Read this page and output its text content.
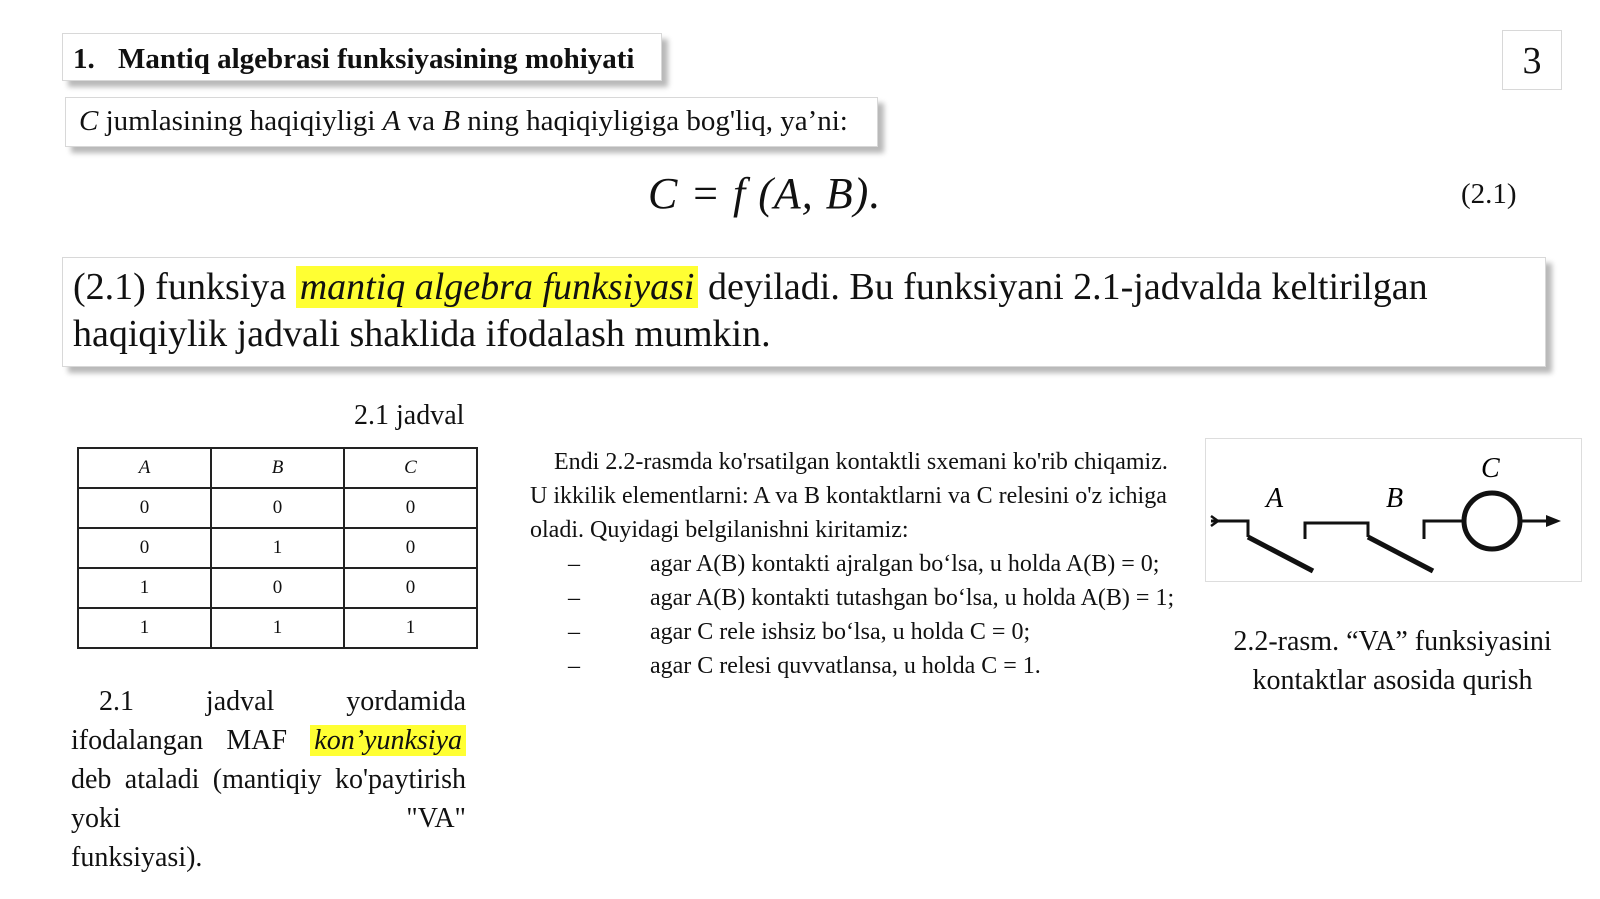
1. Mantiq algebrasi funksiyasining mohiyati	3
C jumlasining haqiqiyligi A va B ning haqiqiyligiga bog'liq, ya’ni:
C = f (A, B).	(2.1)
(2.1) funksiya mantiq algebra funksiyasi deyiladi. Bu funksiyani 2.1-jadvalda keltirilgan haqiqiylik jadvali shaklida ifodalash mumkin.
2.1 jadval
A	B	C
0	0	0
0	1	0
1	0	0
1	1	1
 2.1 jadval yordamida ifodalangan MAF kon’yunksiya deb ataladi (mantiqiy ko'paytirish yoki "VA"
funksiyasi).

 Endi 2.2-rasmda ko'rsatilgan kontaktli sxemani ko'rib chiqamiz. U ikkilik elementlarni: A va B kontaktlarni va C relesini o'z ichiga oladi. Quyidagi belgilanishni kiritamiz:

–	agar A(B) kontakti ajralgan bo‘lsa, u holda A(B) = 0;

–	agar A(B) kontakti tutashgan bo‘lsa, u holda A(B) = 1;

–	agar C rele ishsiz bo‘lsa, u holda C = 0;

–	agar C relesi quvvatlansa, u holda C = 1.

A	B
C
2.2-rasm. “VA” funksiyasini kontaktlar asosida qurish
